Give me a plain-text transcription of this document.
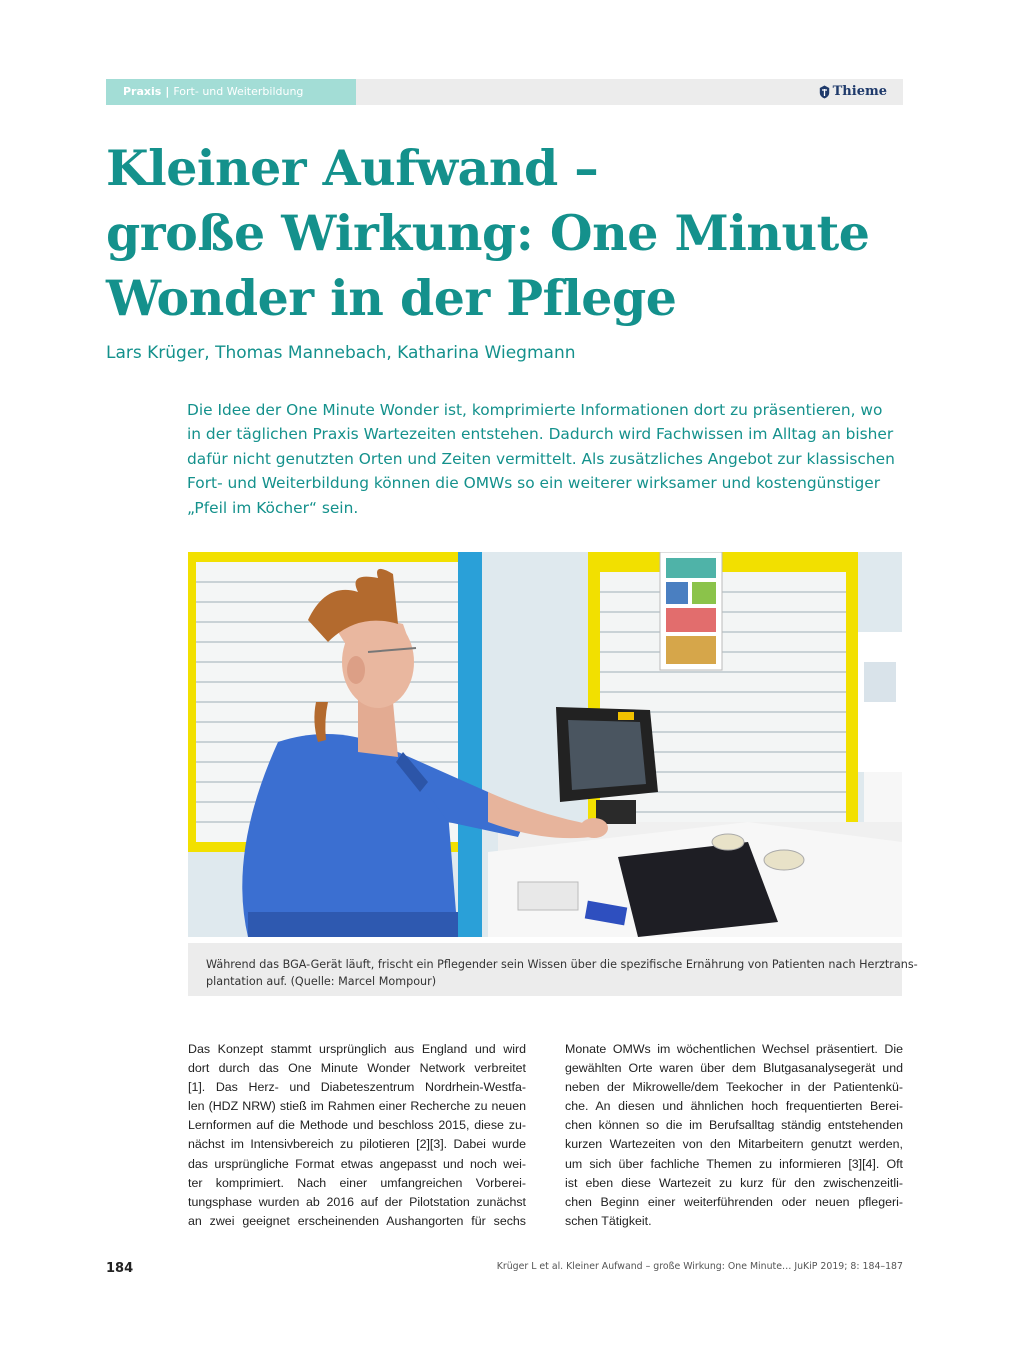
Praxis | Fort- und Weiterbildung	Thieme
Kleiner Aufwand –
große Wirkung: One Minute
Wonder in der Pflege
Lars Krüger, Thomas Mannebach, Katharina Wiegmann
Die Idee der One Minute Wonder ist, komprimierte Informationen dort zu präsentieren, wo
in der täglichen Praxis Wartezeiten entstehen. Dadurch wird Fachwissen im Alltag an bisher
dafür nicht genutzten Orten und Zeiten vermittelt. Als zusätzliches Angebot zur klassischen
Fort- und Weiterbildung können die OMWs so ein weiterer wirksamer und kostengünstiger
„Pfeil im Köcher“ sein.
Während das BGA-Gerät läuft, frischt ein Pflegender sein Wissen über die spezifische Ernährung von Patienten nach Herztrans-
plantation auf. (Quelle: Marcel Mompour)
Das Konzept stammt ursprünglich aus England und wird
dort durch das One Minute Wonder Network verbreitet
[1]. Das Herz- und Diabeteszentrum Nordrhein-Westfa-
len (HDZ NRW) stieß im Rahmen einer Recherche zu neuen
Lernformen auf die Methode und beschloss 2015, diese zu-
nächst im Intensivbereich zu pilotieren [2][3]. Dabei wurde
das ursprüngliche Format etwas angepasst und noch wei-
ter komprimiert. Nach einer umfangreichen Vorberei-
tungsphase wurden ab 2016 auf der Pilotstation zunächst
an zwei geeignet erscheinenden Aushangorten für sechs
Monate OMWs im wöchentlichen Wechsel präsentiert. Die
gewählten Orte waren über dem Blutgasanalysegerät und
neben der Mikrowelle/dem Teekocher in der Patientenkü-
che. An diesen und ähnlichen hoch frequentierten Berei-
chen können so die im Berufsalltag ständig entstehenden
kurzen Wartezeiten von den Mitarbeitern genutzt werden,
um sich über fachliche Themen zu informieren [3][4]. Oft
ist eben diese Wartezeit zu kurz für den zwischenzeitli-
chen Beginn einer weiterführenden oder neuen pflegeri-
schen Tätigkeit.
184	Krüger L et al. Kleiner Aufwand – große Wirkung: One Minute… JuKiP 2019; 8: 184–187
